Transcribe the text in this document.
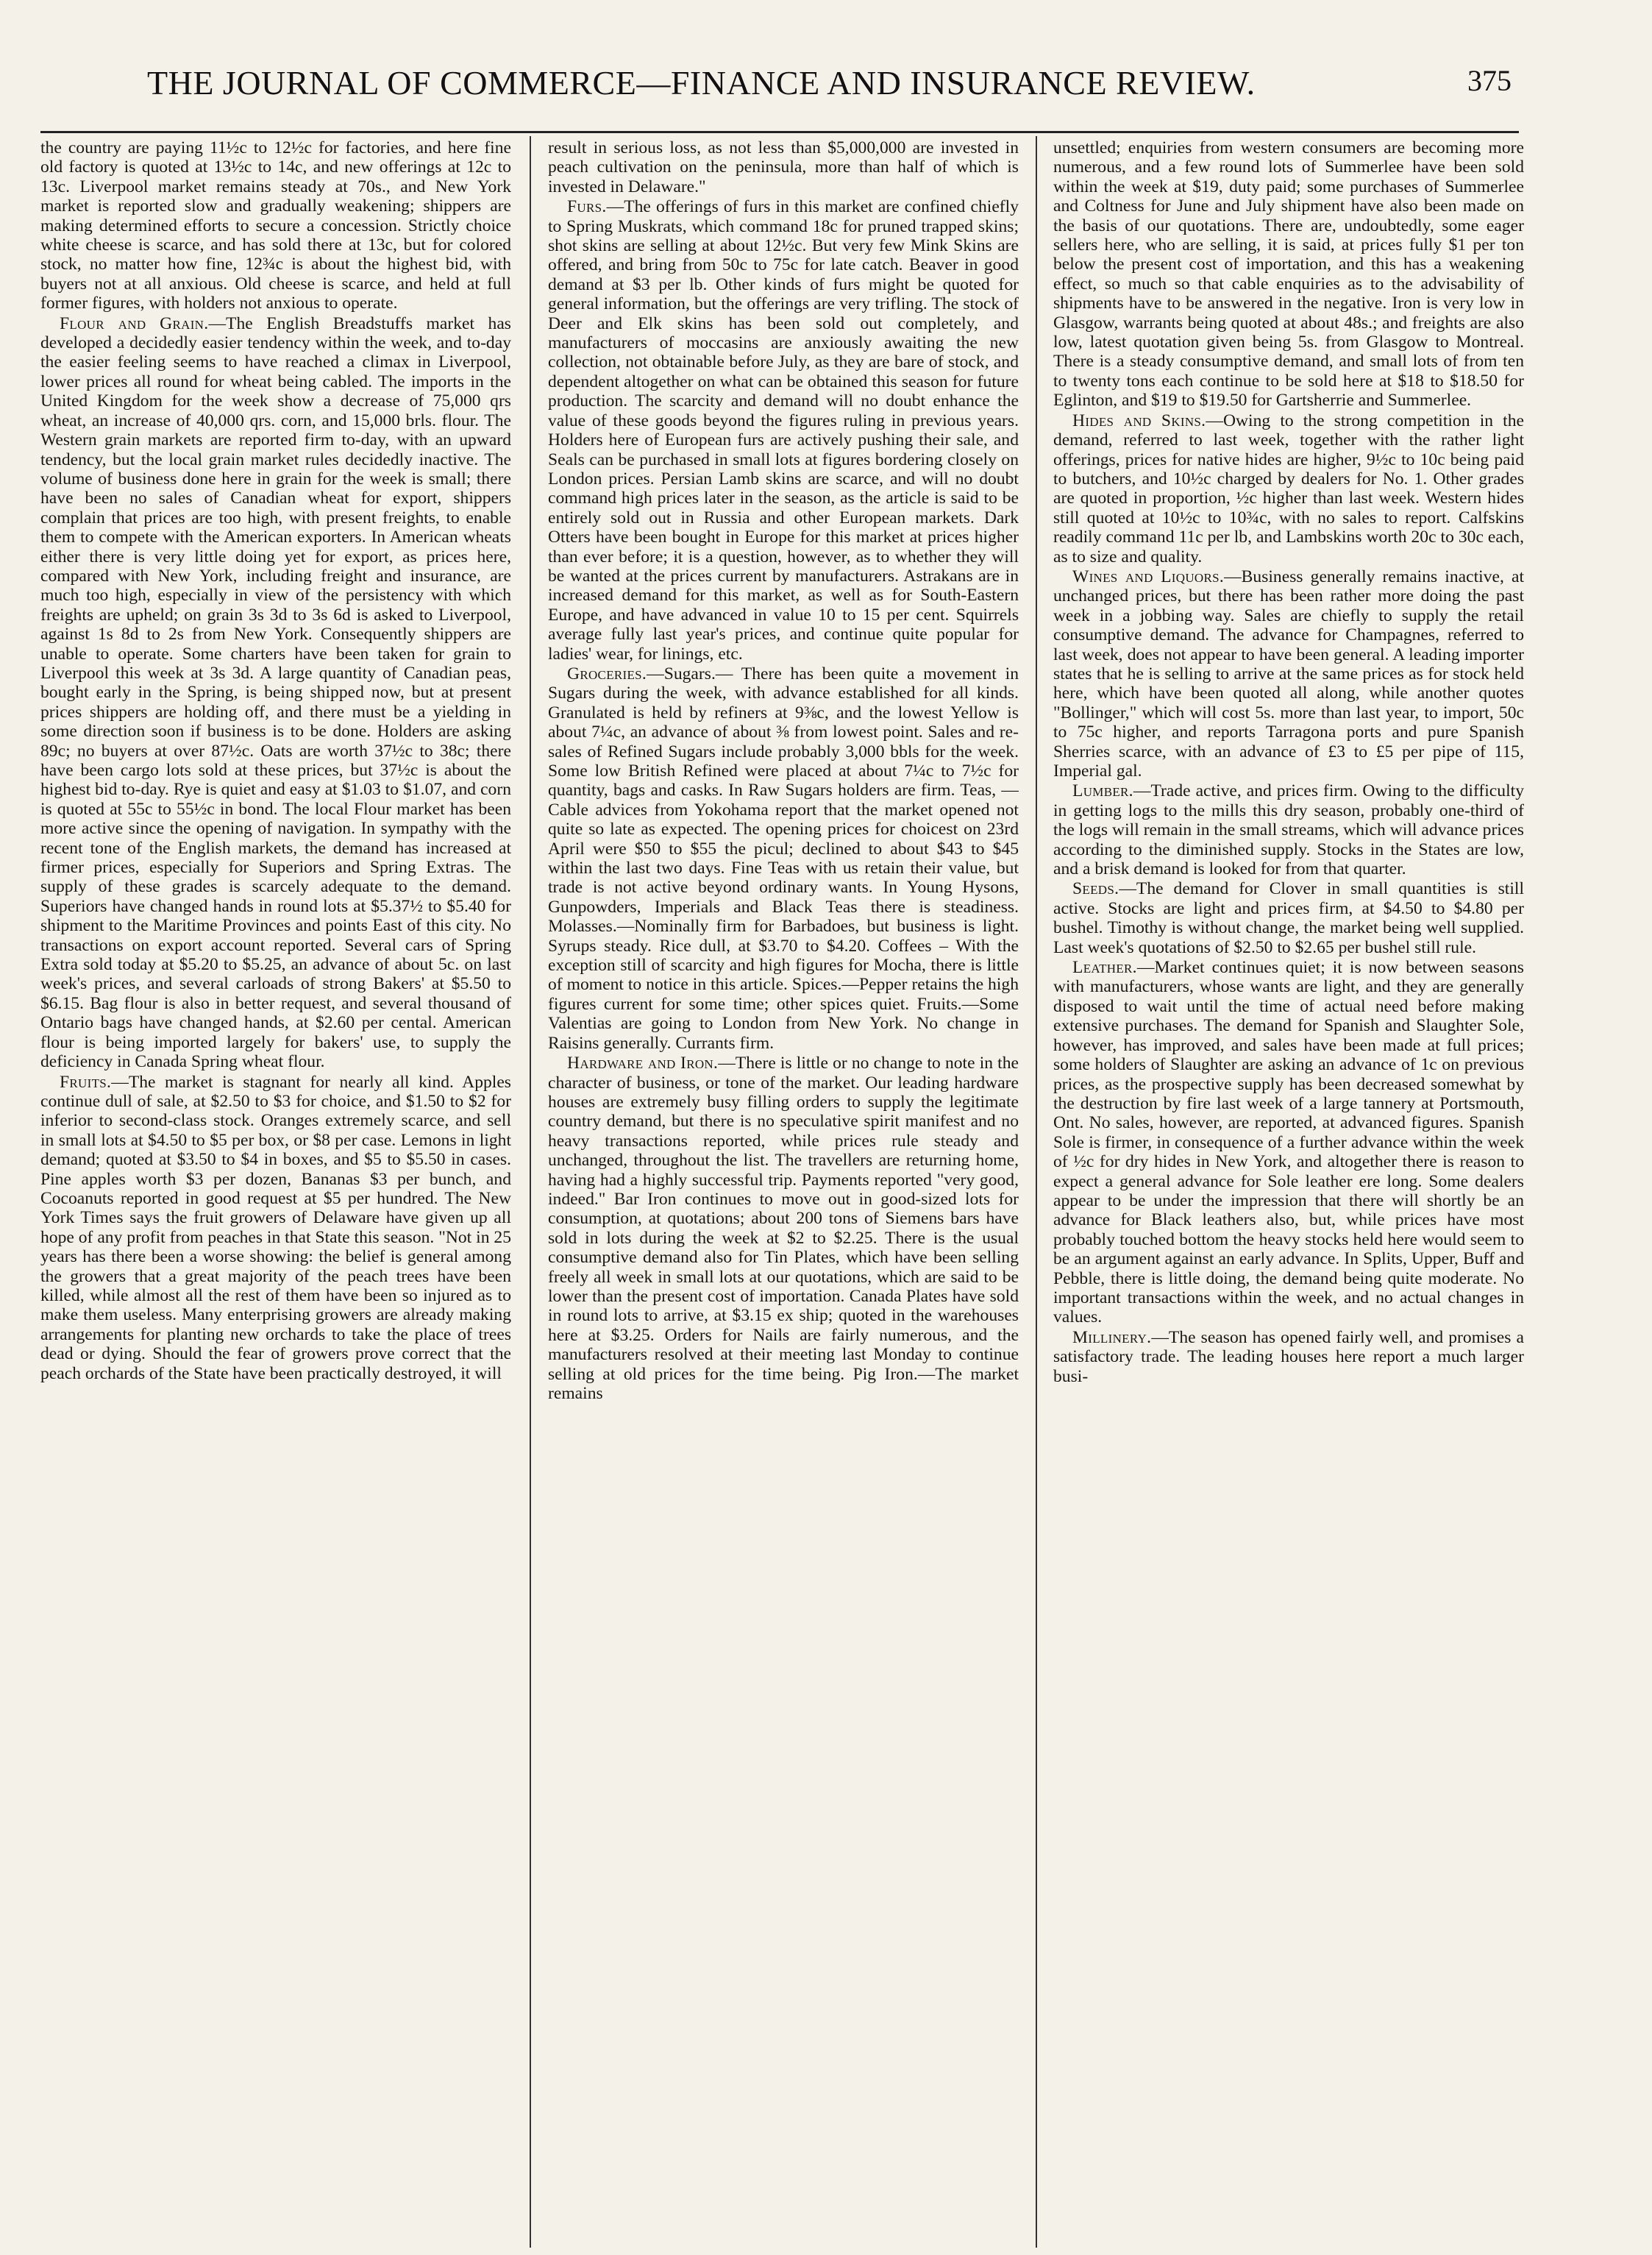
THE JOURNAL OF COMMERCE—FINANCE AND INSURANCE REVIEW.	375

the country are paying 11½c to 12½c for factories, and here fine old factory is quoted at 13½c to 14c, and new offerings at 12c to 13c. Liverpool market remains steady at 70s., and New York market is reported slow and gradually weakening; shippers are making determined efforts to secure a concession. Strictly choice white cheese is scarce, and has sold there at 13c, but for colored stock, no matter how fine, 12¾c is about the highest bid, with buyers not at all anxious. Old cheese is scarce, and held at full former figures, with holders not anxious to operate.

Flour and Grain.—The English Breadstuffs market has developed a decidedly easier tendency within the week, and to-day the easier feeling seems to have reached a climax in Liverpool, lower prices all round for wheat being cabled. The imports in the United Kingdom for the week show a decrease of 75,000 qrs wheat, an increase of 40,000 qrs. corn, and 15,000 brls. flour. The Western grain markets are reported firm to-day, with an upward tendency, but the local grain market rules decidedly inactive. The volume of business done here in grain for the week is small; there have been no sales of Canadian wheat for export, shippers complain that prices are too high, with present freights, to enable them to compete with the American exporters. In American wheats either there is very little doing yet for export, as prices here, compared with New York, including freight and insurance, are much too high, especially in view of the persistency with which freights are upheld; on grain 3s 3d to 3s 6d is asked to Liverpool, against 1s 8d to 2s from New York. Consequently shippers are unable to operate. Some charters have been taken for grain to Liverpool this week at 3s 3d. A large quantity of Canadian peas, bought early in the Spring, is being shipped now, but at present prices shippers are holding off, and there must be a yielding in some direction soon if business is to be done. Holders are asking 89c; no buyers at over 87½c. Oats are worth 37½c to 38c; there have been cargo lots sold at these prices, but 37½c is about the highest bid to-day. Rye is quiet and easy at $1.03 to $1.07, and corn is quoted at 55c to 55½c in bond. The local Flour market has been more active since the opening of navigation. In sympathy with the recent tone of the English markets, the demand has increased at firmer prices, especially for Superiors and Spring Extras. The supply of these grades is scarcely adequate to the demand. Superiors have changed hands in round lots at $5.37½ to $5.40 for shipment to the Maritime Provinces and points East of this city. No transactions on export account reported. Several cars of Spring Extra sold today at $5.20 to $5.25, an advance of about 5c. on last week's prices, and several carloads of strong Bakers' at $5.50 to $6.15. Bag flour is also in better request, and several thousand of Ontario bags have changed hands, at $2.60 per cental. American flour is being imported largely for bakers' use, to supply the deficiency in Canada Spring wheat flour.

Fruits.—The market is stagnant for nearly all kind. Apples continue dull of sale, at $2.50 to $3 for choice, and $1.50 to $2 for inferior to second-class stock. Oranges extremely scarce, and sell in small lots at $4.50 to $5 per box, or $8 per case. Lemons in light demand; quoted at $3.50 to $4 in boxes, and $5 to $5.50 in cases. Pine apples worth $3 per dozen, Bananas $3 per bunch, and Cocoanuts reported in good request at $5 per hundred. The New York Times says the fruit growers of Delaware have given up all hope of any profit from peaches in that State this season. "Not in 25 years has there been a worse showing: the belief is general among the growers that a great majority of the peach trees have been killed, while almost all the rest of them have been so injured as to make them useless. Many enterprising growers are already making arrangements for planting new orchards to take the place of trees dead or dying. Should the fear of growers prove correct that the peach orchards of the State have been practically destroyed, it will

result in serious loss, as not less than $5,000,000 are invested in peach cultivation on the peninsula, more than half of which is invested in Delaware."

Furs.—The offerings of furs in this market are confined chiefly to Spring Muskrats, which command 18c for pruned trapped skins; shot skins are selling at about 12½c. But very few Mink Skins are offered, and bring from 50c to 75c for late catch. Beaver in good demand at $3 per lb. Other kinds of furs might be quoted for general information, but the offerings are very trifling. The stock of Deer and Elk skins has been sold out completely, and manufacturers of moccasins are anxiously awaiting the new collection, not obtainable before July, as they are bare of stock, and dependent altogether on what can be obtained this season for future production. The scarcity and demand will no doubt enhance the value of these goods beyond the figures ruling in previous years. Holders here of European furs are actively pushing their sale, and Seals can be purchased in small lots at figures bordering closely on London prices. Persian Lamb skins are scarce, and will no doubt command high prices later in the season, as the article is said to be entirely sold out in Russia and other European markets. Dark Otters have been bought in Europe for this market at prices higher than ever before; it is a question, however, as to whether they will be wanted at the prices current by manufacturers. Astrakans are in increased demand for this market, as well as for South-Eastern Europe, and have advanced in value 10 to 15 per cent. Squirrels average fully last year's prices, and continue quite popular for ladies' wear, for linings, etc.

Groceries.—Sugars.— There has been quite a movement in Sugars during the week, with advance established for all kinds. Granulated is held by refiners at 9⅜c, and the lowest Yellow is about 7¼c, an advance of about ⅜ from lowest point. Sales and re-sales of Refined Sugars include probably 3,000 bbls for the week. Some low British Refined were placed at about 7¼c to 7½c for quantity, bags and casks. In Raw Sugars holders are firm. Teas, —Cable advices from Yokohama report that the market opened not quite so late as expected. The opening prices for choicest on 23rd April were $50 to $55 the picul; declined to about $43 to $45 within the last two days. Fine Teas with us retain their value, but trade is not active beyond ordinary wants. In Young Hysons, Gunpowders, Imperials and Black Teas there is steadiness. Molasses.—Nominally firm for Barbadoes, but business is light. Syrups steady. Rice dull, at $3.70 to $4.20. Coffees – With the exception still of scarcity and high figures for Mocha, there is little of moment to notice in this article. Spices.—Pepper retains the high figures current for some time; other spices quiet. Fruits.—Some Valentias are going to London from New York. No change in Raisins generally. Currants firm.

Hardware and Iron.—There is little or no change to note in the character of business, or tone of the market. Our leading hardware houses are extremely busy filling orders to supply the legitimate country demand, but there is no speculative spirit manifest and no heavy transactions reported, while prices rule steady and unchanged, throughout the list. The travellers are returning home, having had a highly successful trip. Payments reported "very good, indeed." Bar Iron continues to move out in good-sized lots for consumption, at quotations; about 200 tons of Siemens bars have sold in lots during the week at $2 to $2.25. There is the usual consumptive demand also for Tin Plates, which have been selling freely all week in small lots at our quotations, which are said to be lower than the present cost of importation. Canada Plates have sold in round lots to arrive, at $3.15 ex ship; quoted in the warehouses here at $3.25. Orders for Nails are fairly numerous, and the manufacturers resolved at their meeting last Monday to continue selling at old prices for the time being. Pig Iron.—The market remains

unsettled; enquiries from western consumers are becoming more numerous, and a few round lots of Summerlee have been sold within the week at $19, duty paid; some purchases of Summerlee and Coltness for June and July shipment have also been made on the basis of our quotations. There are, undoubtedly, some eager sellers here, who are selling, it is said, at prices fully $1 per ton below the present cost of importation, and this has a weakening effect, so much so that cable enquiries as to the advisability of shipments have to be answered in the negative. Iron is very low in Glasgow, warrants being quoted at about 48s.; and freights are also low, latest quotation given being 5s. from Glasgow to Montreal. There is a steady consumptive demand, and small lots of from ten to twenty tons each continue to be sold here at $18 to $18.50 for Eglinton, and $19 to $19.50 for Gartsherrie and Summerlee.

Hides and Skins.—Owing to the strong competition in the demand, referred to last week, together with the rather light offerings, prices for native hides are higher, 9½c to 10c being paid to butchers, and 10½c charged by dealers for No. 1. Other grades are quoted in proportion, ½c higher than last week. Western hides still quoted at 10½c to 10¾c, with no sales to report. Calfskins readily command 11c per lb, and Lambskins worth 20c to 30c each, as to size and quality.

Wines and Liquors.—Business generally remains inactive, at unchanged prices, but there has been rather more doing the past week in a jobbing way. Sales are chiefly to supply the retail consumptive demand. The advance for Champagnes, referred to last week, does not appear to have been general. A leading importer states that he is selling to arrive at the same prices as for stock held here, which have been quoted all along, while another quotes "Bollinger," which will cost 5s. more than last year, to import, 50c to 75c higher, and reports Tarragona ports and pure Spanish Sherries scarce, with an advance of £3 to £5 per pipe of 115, Imperial gal.

Lumber.—Trade active, and prices firm. Owing to the difficulty in getting logs to the mills this dry season, probably one-third of the logs will remain in the small streams, which will advance prices according to the diminished supply. Stocks in the States are low, and a brisk demand is looked for from that quarter.

Seeds.—The demand for Clover in small quantities is still active. Stocks are light and prices firm, at $4.50 to $4.80 per bushel. Timothy is without change, the market being well supplied. Last week's quotations of $2.50 to $2.65 per bushel still rule.

Leather.—Market continues quiet; it is now between seasons with manufacturers, whose wants are light, and they are generally disposed to wait until the time of actual need before making extensive purchases. The demand for Spanish and Slaughter Sole, however, has improved, and sales have been made at full prices; some holders of Slaughter are asking an advance of 1c on previous prices, as the prospective supply has been decreased somewhat by the destruction by fire last week of a large tannery at Portsmouth, Ont. No sales, however, are reported, at advanced figures. Spanish Sole is firmer, in consequence of a further advance within the week of ½c for dry hides in New York, and altogether there is reason to expect a general advance for Sole leather ere long. Some dealers appear to be under the impression that there will shortly be an advance for Black leathers also, but, while prices have most probably touched bottom the heavy stocks held here would seem to be an argument against an early advance. In Splits, Upper, Buff and Pebble, there is little doing, the demand being quite moderate. No important transactions within the week, and no actual changes in values.

Millinery.—The season has opened fairly well, and promises a satisfactory trade. The leading houses here report a much larger busi-
